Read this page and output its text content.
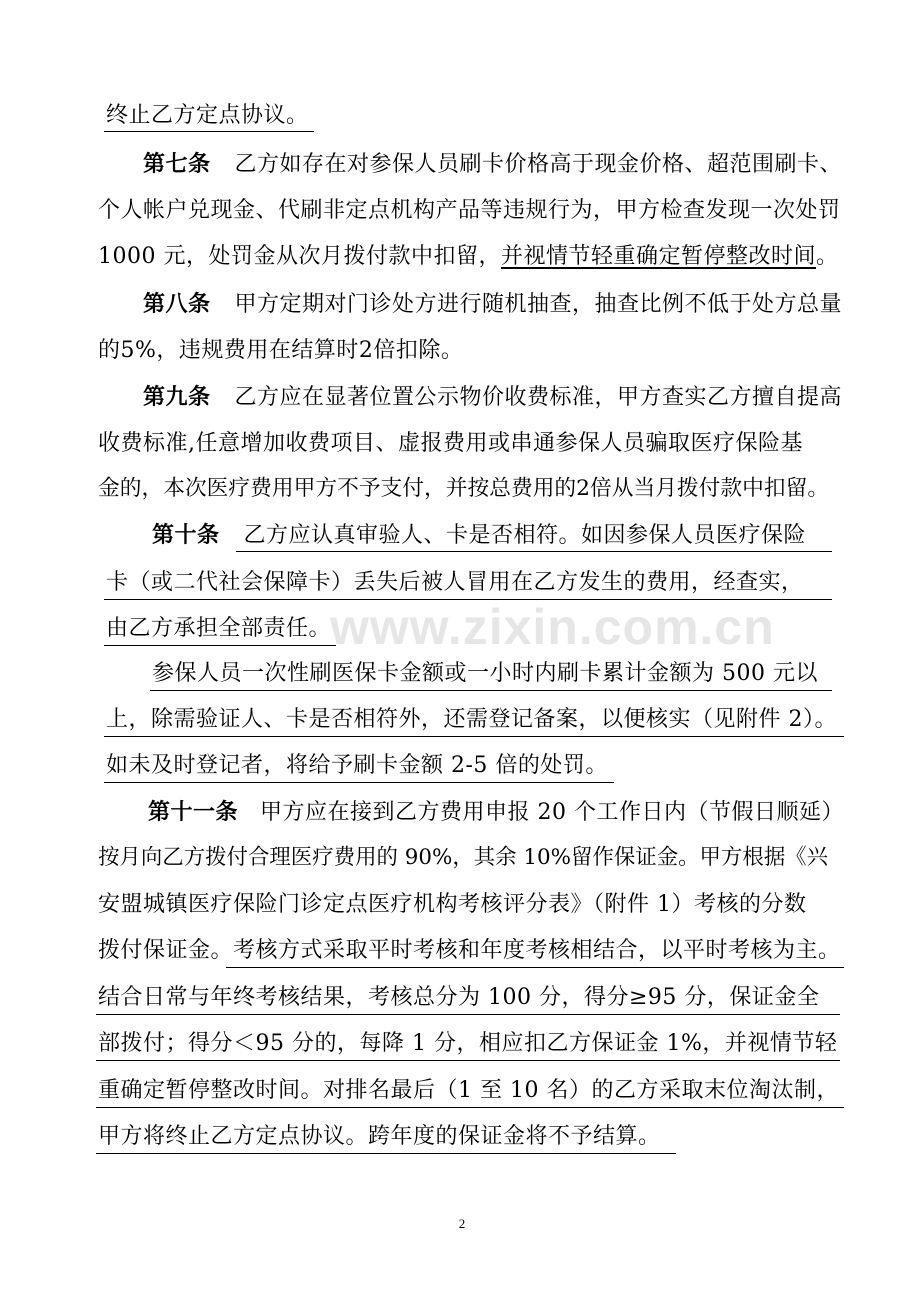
www.zixin.com.cn
终止乙方定点协议。
第七条 乙方如存在对参保人员刷卡价格高于现金价格、超范围刷卡、
个人帐户兑现金、代刷非定点机构产品等违规行为，甲方检查发现一次处罚
1000 元，处罚金从次月拨付款中扣留，并视情节轻重确定暂停整改时间。
第八条 甲方定期对门诊处方进行随机抽查，抽查比例不低于处方总量
的5%，违规费用在结算时2倍扣除。
第九条 乙方应在显著位置公示物价收费标准，甲方查实乙方擅自提高
收费标准,任意增加收费项目、虚报费用或串通参保人员骗取医疗保险基
金的，本次医疗费用甲方不予支付，并按总费用的2倍从当月拨付款中扣留。
第十条 乙方应认真审验人、卡是否相符。如因参保人员医疗保险
卡（或二代社会保障卡）丢失后被人冒用在乙方发生的费用，经查实，
由乙方承担全部责任。
参保人员一次性刷医保卡金额或一小时内刷卡累计金额为 500 元以
上，除需验证人、卡是否相符外，还需登记备案，以便核实（见附件 2）。
如未及时登记者，将给予刷卡金额 2-5 倍的处罚。
第十一条 甲方应在接到乙方费用申报 20 个工作日内（节假日顺延）
按月向乙方拨付合理医疗费用的 90%，其余 10%留作保证金。甲方根据《兴
安盟城镇医疗保险门诊定点医疗机构考核评分表》（附件 1）考核的分数
拨付保证金。考核方式采取平时考核和年度考核相结合，以平时考核为主。
结合日常与年终考核结果，考核总分为 100 分，得分≥95 分，保证金全
部拨付；得分＜95 分的，每降 1 分，相应扣乙方保证金 1%，并视情节轻
重确定暂停整改时间。对排名最后（1 至 10 名）的乙方采取末位淘汰制，
甲方将终止乙方定点协议。跨年度的保证金将不予结算。
2
